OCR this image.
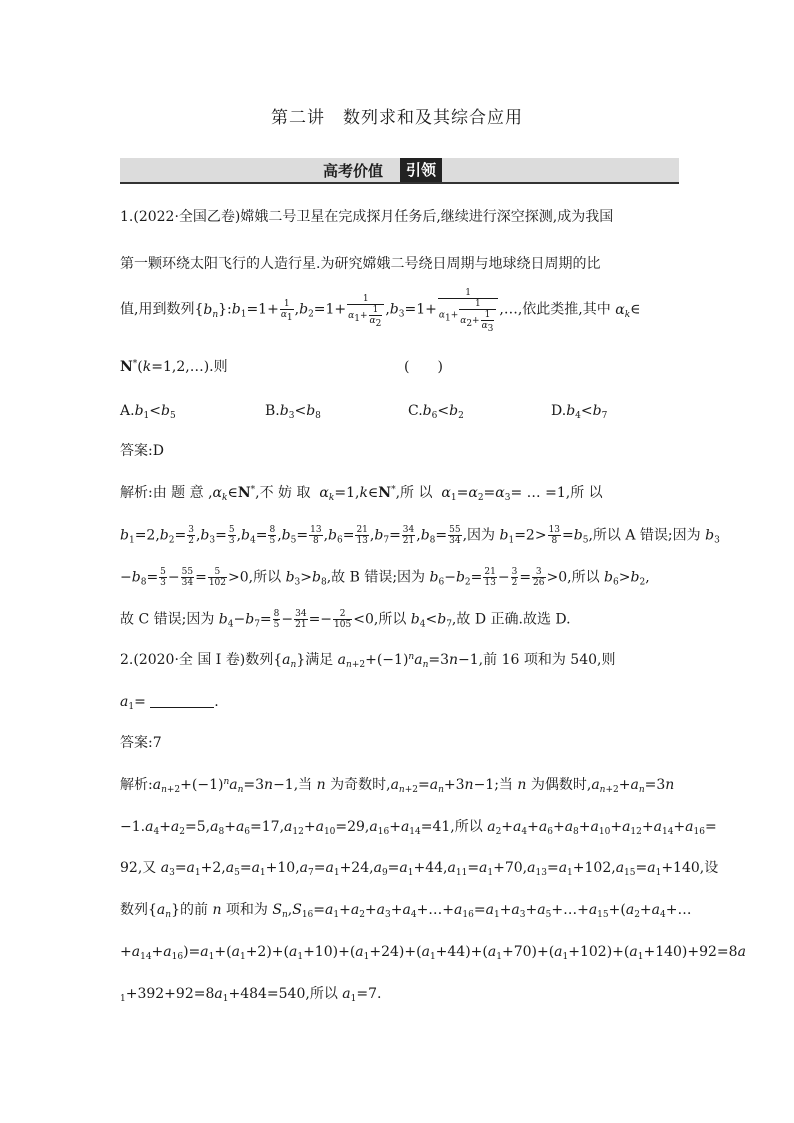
第二讲　数列求和及其综合应用
高考价值	引领
1.(2022·全国乙卷)嫦娥二号卫星在完成探月任务后,继续进行深空探测,成为我国
第一颗环绕太阳飞行的人造行星.为研究嫦娥二号绕日周期与地球绕日周期的比
值,用到数列$\{b_n\}:b_1=1+ \frac{1}{\alpha_1} ,b_2=1+ \frac{1}{\alpha_1+ \frac{1}{\alpha_2}} ,b_3=1+ \frac{1}{\alpha_1+ \frac{1}{\alpha_2+ \frac{1}{\alpha_3}}}$ ,…,依此类推,其中 $\alpha_k\in$
N*(k=1,2,…).则	(　　)
$A.b_1<b_5$	$B.b_3<b_8$	$C.b_6<b_2$	$D.b_4<b_7$
答案:D
解析:由 题 意 $,\alpha_k\in N^*$,不 妨 取  $\alpha_k=1,k\in N^*$,所 以  $\alpha_1=\alpha_2=\alpha_3=$ … =1,所 以
$b_1=2,b_2= \frac{3}{2} ,b_3= \frac{5}{3} ,b_4= \frac{8}{5} ,b_5= \frac{13}{8} ,b_6= \frac{21}{13} ,b_7= \frac{34}{21} ,b_8= \frac{55}{34}$ ,因为 $b_1=2> \frac{13}{8} =b_5$,所以 A 错误;因为 $b_3$
$-b_8= \frac{5}{3} - \frac{55}{34} = \frac{5}{102} >0$,所以 $b_3>b_8$,故 B 错误;因为 $b_6-b_2= \frac{21}{13} - \frac{3}{2} = \frac{3}{26} >0$,所以 $b_6>b_2$,
故 C 错误;因为 $b_4-b_7= \frac{8}{5} - \frac{34}{21} =- \frac{2}{105} <0$,所以 $b_4<b_7$,故 D 正确.故选 D.
2.(2020·全 国 Ⅰ 卷)数列$\{a_n\}$满足 $a_{n+2}+(-1)^na_n=3n-1$,前 16 项和为 540,则
$a_1=$	.
答案:7
解析$:a_{n+2}+(-1)^na_n=3n-1$,当 n 为奇数时$,a_{n+2}=a_n+3n-1$;当 n 为偶数时$,a_{n+2}+a_n=3n$
$-1.a_4+a_2=5,a_8+a_6=17,a_{12}+a_{10}=29,a_{16}+a_{14}=41$,所以 $a_2+a_4+a_6+a_8+a_{10}+a_{12}+a_{14}+a_{16}=$
92,又 $a_3=a_1+2,a_5=a_1+10,a_7=a_1+24,a_9=a_1+44,a_{11}=a_1+70,a_{13}=a_1+102,a_{15}=a_1+140$,设
数列$\{a_n\}$的前 n 项和为 $S_n,S_{16}=a_1+a_2+a_3+a_4+\dots+a_{16}=a_1+a_3+a_5+\dots+a_{15}+(a_2+a_4+\dots$
$+a_{14}+a_{16})=a_1+(a_1+2)+(a_1+10)+(a_1+24)+(a_1+44)+(a_1+70)+(a_1+102)+(a_1+140)+92=8a$
$_1+392+92=8a_1+484=540$,所以 $a_1=7$.
